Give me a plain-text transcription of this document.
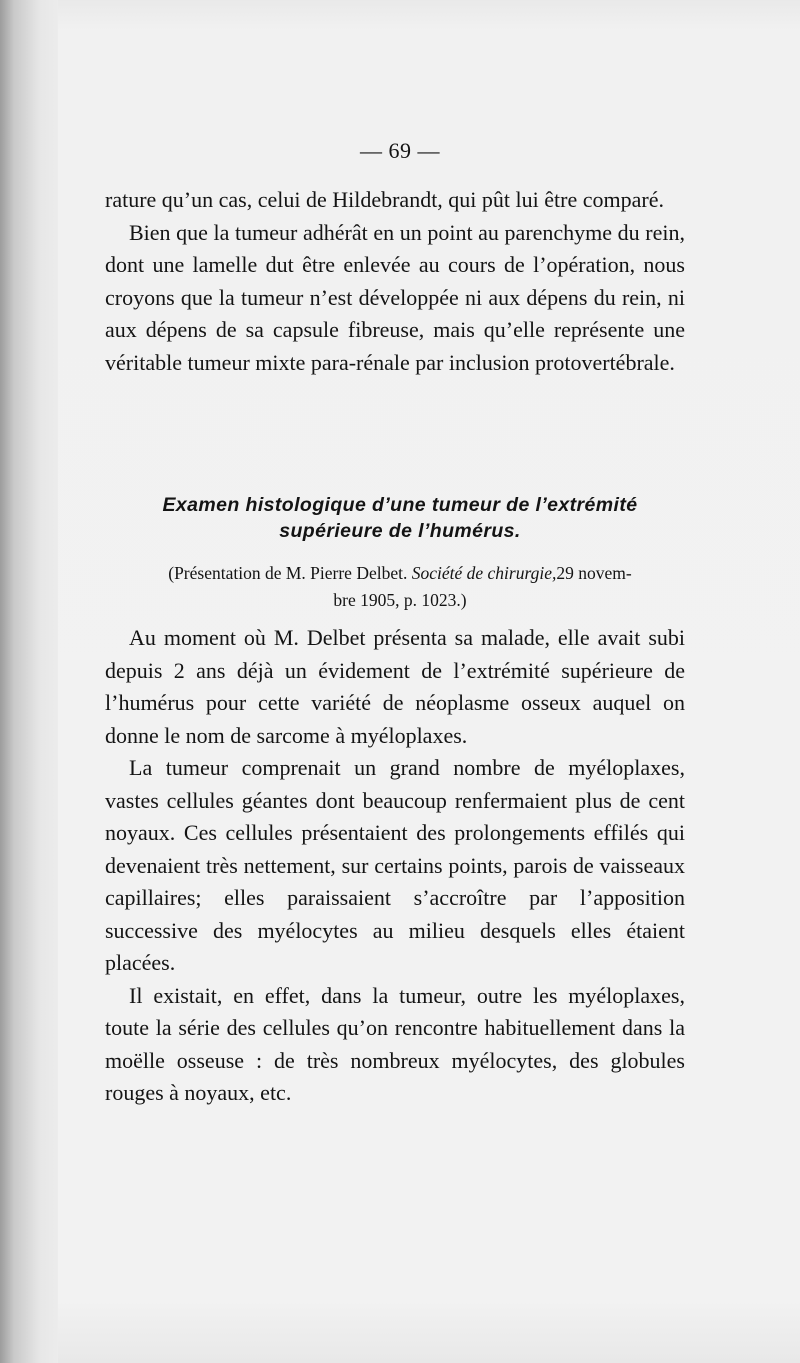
— 69 —

rature qu’un cas, celui de Hildebrandt, qui pût lui être comparé.

Bien que la tumeur adhérât en un point au parenchyme du rein, dont une lamelle dut être enlevée au cours de l’opération, nous croyons que la tumeur n’est développée ni aux dépens du rein, ni aux dépens de sa capsule fibreuse, mais qu’elle représente une véritable tumeur mixte para-rénale par inclusion protovertébrale.

Examen histologique d’une tumeur de l’extrémité
supérieure de l’humérus.
(Présentation de M. Pierre Delbet. Société de chirurgie,29 novem-
bre 1905, p. 1023.)

Au moment où M. Delbet présenta sa malade, elle avait subi depuis 2 ans déjà un évidement de l’extrémité supérieure de l’humérus pour cette variété de néoplasme osseux auquel on donne le nom de sarcome à myéloplaxes.

La tumeur comprenait un grand nombre de myéloplaxes, vastes cellules géantes dont beaucoup renfermaient plus de cent noyaux. Ces cellules présentaient des prolongements effilés qui devenaient très nettement, sur certains points, parois de vaisseaux capillaires; elles paraissaient s’accroître par l’apposition successive des myélocytes au milieu desquels elles étaient placées.

Il existait, en effet, dans la tumeur, outre les myéloplaxes, toute la série des cellules qu’on rencontre habituellement dans la moëlle osseuse : de très nombreux myélocytes, des globules rouges à noyaux, etc.
